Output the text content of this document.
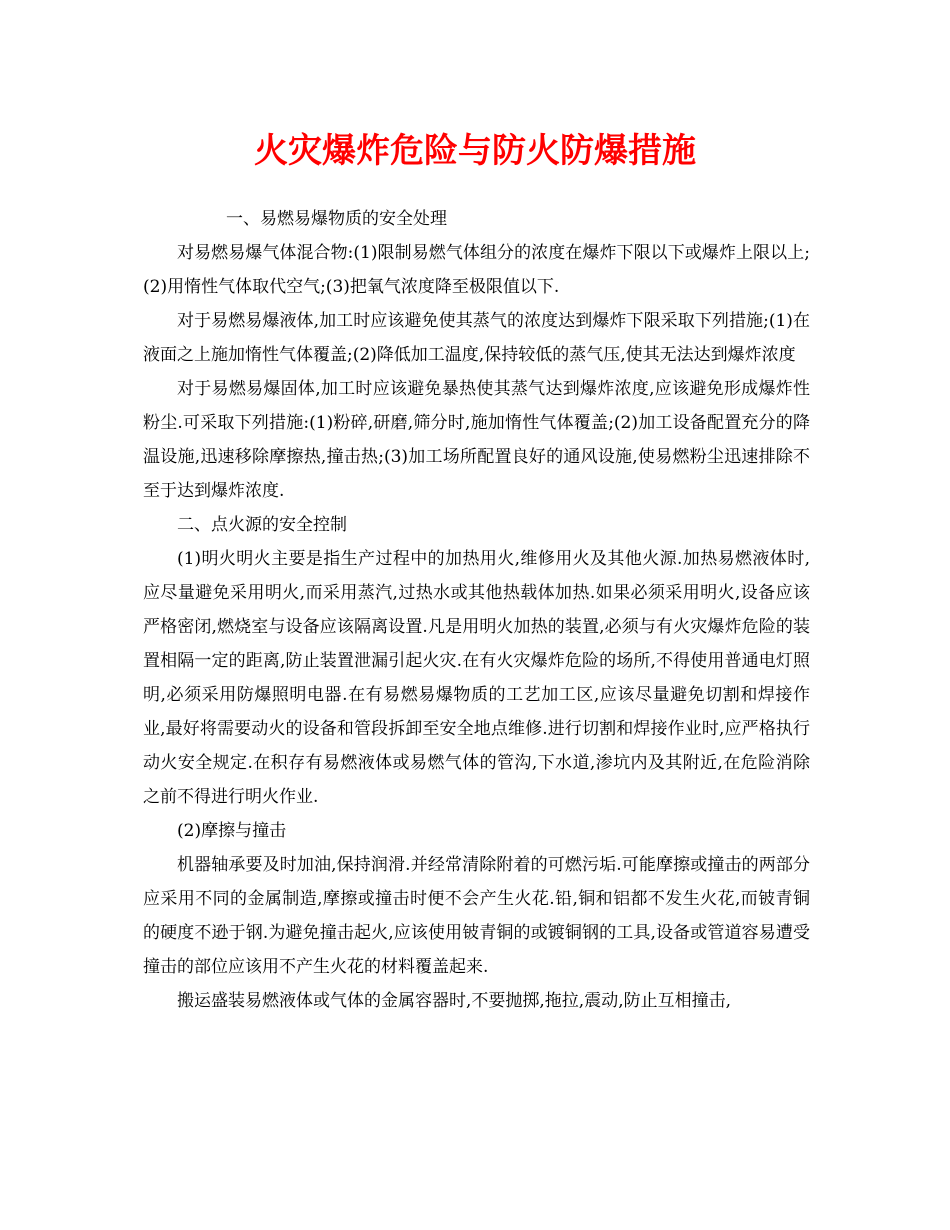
火灾爆炸危险与防火防爆措施

一、易燃易爆物质的安全处理

对易燃易爆气体混合物:(1)限制易燃气体组分的浓度在爆炸下限以下或爆炸上限以上;(2)用惰性气体取代空气;(3)把氧气浓度降至极限值以下.

对于易燃易爆液体,加工时应该避免使其蒸气的浓度达到爆炸下限采取下列措施;(1)在液面之上施加惰性气体覆盖;(2)降低加工温度,保持较低的蒸气压,使其无法达到爆炸浓度

对于易燃易爆固体,加工时应该避免暴热使其蒸气达到爆炸浓度,应该避免形成爆炸性粉尘.可采取下列措施:(1)粉碎,研磨,筛分时,施加惰性气体覆盖;(2)加工设备配置充分的降温设施,迅速移除摩擦热,撞击热;(3)加工场所配置良好的通风设施,使易燃粉尘迅速排除不至于达到爆炸浓度.

二、点火源的安全控制

(1)明火明火主要是指生产过程中的加热用火,维修用火及其他火源.加热易燃液体时,应尽量避免采用明火,而采用蒸汽,过热水或其他热载体加热.如果必须采用明火,设备应该严格密闭,燃烧室与设备应该隔离设置.凡是用明火加热的装置,必须与有火灾爆炸危险的装置相隔一定的距离,防止装置泄漏引起火灾.在有火灾爆炸危险的场所,不得使用普通电灯照明,必须采用防爆照明电器.在有易燃易爆物质的工艺加工区,应该尽量避免切割和焊接作业,最好将需要动火的设备和管段拆卸至安全地点维修.进行切割和焊接作业时,应严格执行动火安全规定.在积存有易燃液体或易燃气体的管沟,下水道,渗坑内及其附近,在危险消除之前不得进行明火作业.

(2)摩擦与撞击

机器轴承要及时加油,保持润滑.并经常清除附着的可燃污垢.可能摩擦或撞击的两部分应采用不同的金属制造,摩擦或撞击时便不会产生火花.铅,铜和铝都不发生火花,而铍青铜的硬度不逊于钢.为避免撞击起火,应该使用铍青铜的或镀铜钢的工具,设备或管道容易遭受撞击的部位应该用不产生火花的材料覆盖起来.

搬运盛装易燃液体或气体的金属容器时,不要抛掷,拖拉,震动,防止互相撞击,
